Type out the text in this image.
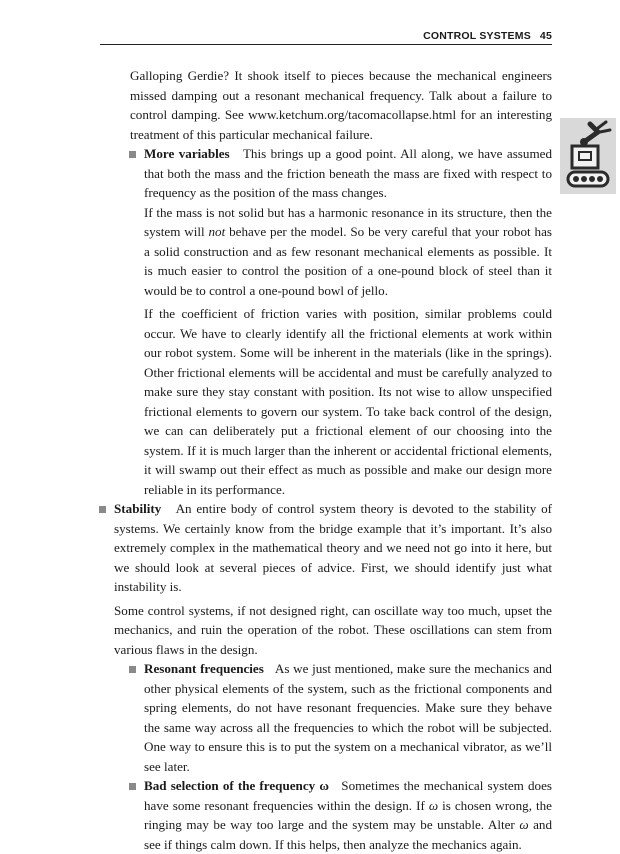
CONTROL SYSTEMS 45

Galloping Gerdie? It shook itself to pieces because the mechanical engineers missed damping out a resonant mechanical frequency. Talk about a failure to control damping. See www.ketchum.org/tacomacollapse.html for an interesting treatment of this particular mechanical failure.

More variables This brings up a good point. All along, we have assumed that both the mass and the friction beneath the mass are fixed with respect to frequency as the position of the mass changes.

If the mass is not solid but has a harmonic resonance in its structure, then the system will not behave per the model. So be very careful that your robot has a solid construction and as few resonant mechanical elements as possible. It is much easier to control the position of a one-pound block of steel than it would be to control a one-pound bowl of jello.

If the coefficient of friction varies with position, similar problems could occur. We have to clearly identify all the frictional elements at work within our robot system. Some will be inherent in the materials (like in the springs). Other frictional elements will be accidental and must be carefully analyzed to make sure they stay constant with position. Its not wise to allow unspecified frictional elements to govern our system. To take back control of the design, we can can deliberately put a frictional element of our choosing into the system. If it is much larger than the inherent or accidental frictional elements, it will swamp out their effect as much as possible and make our design more reliable in its performance.

Stability An entire body of control system theory is devoted to the stability of systems. We certainly know from the bridge example that it’s important. It’s also extremely complex in the mathematical theory and we need not go into it here, but we should look at several pieces of advice. First, we should identify just what instability is.

Some control systems, if not designed right, can oscillate way too much, upset the mechanics, and ruin the operation of the robot. These oscillations can stem from various flaws in the design.

Resonant frequencies As we just mentioned, make sure the mechanics and other physical elements of the system, such as the frictional components and spring elements, do not have resonant frequencies. Make sure they behave the same way across all the frequencies to which the robot will be subjected. One way to ensure this is to put the system on a mechanical vibrator, as we’ll see later.

Bad selection of the frequency ω Sometimes the mechanical system does have some resonant frequencies within the design. If ω is chosen wrong, the ringing may be way too large and the system may be unstable. Alter ω and see if things calm down. If this helps, then analyze the mechanics again.
